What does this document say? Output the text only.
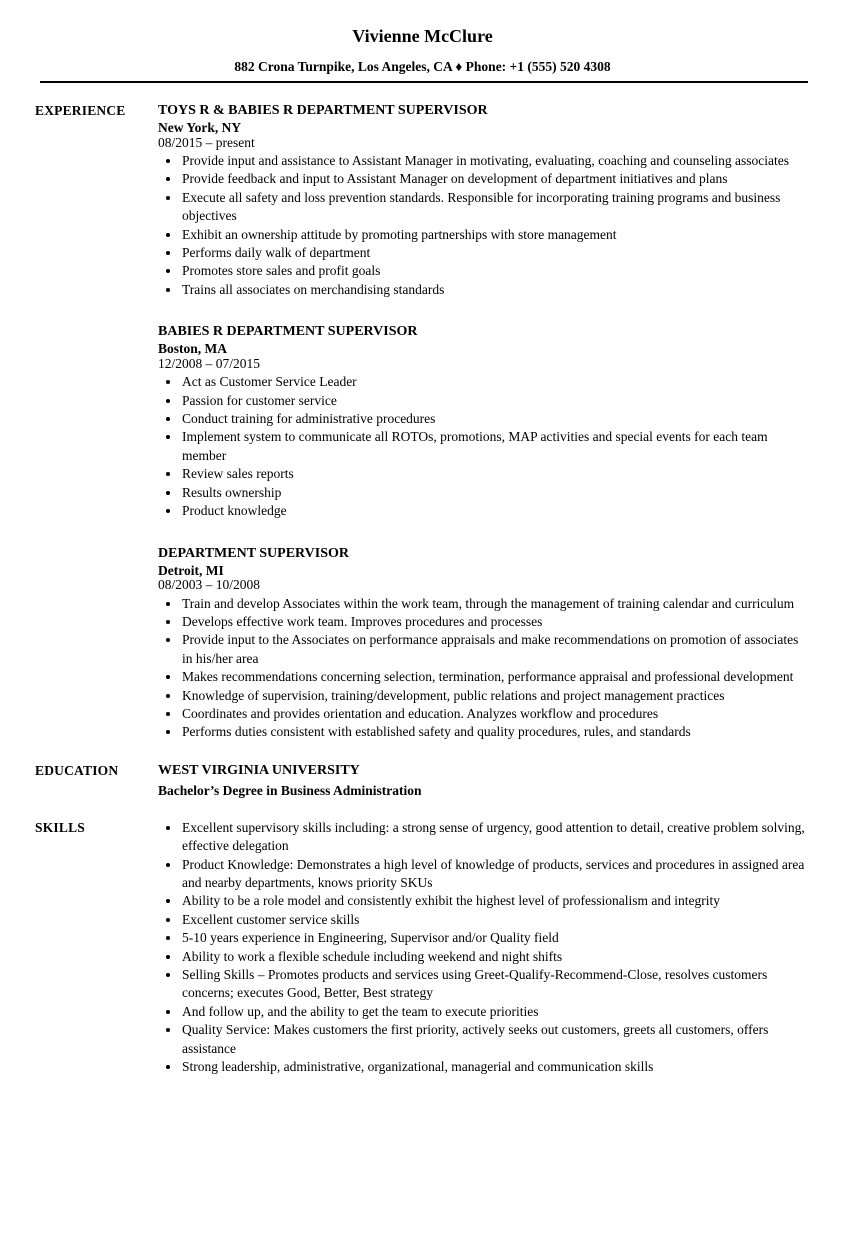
Vivienne McClure
882 Crona Turnpike, Los Angeles, CA ♦ Phone: +1 (555) 520 4308
EXPERIENCE	TOYS R & BABIES R DEPARTMENT SUPERVISOR
New York, NY
08/2015 – present
• Provide input and assistance to Assistant Manager in motivating, evaluating, coaching and counseling associates
• Provide feedback and input to Assistant Manager on development of department initiatives and plans
• Execute all safety and loss prevention standards. Responsible for incorporating training programs and business objectives
• Exhibit an ownership attitude by promoting partnerships with store management
• Performs daily walk of department
• Promotes store sales and profit goals
• Trains all associates on merchandising standards
BABIES R DEPARTMENT SUPERVISOR
Boston, MA
12/2008 – 07/2015
• Act as Customer Service Leader
• Passion for customer service
• Conduct training for administrative procedures
• Implement system to communicate all ROTOs, promotions, MAP activities and special events for each team member
• Review sales reports
• Results ownership
• Product knowledge
DEPARTMENT SUPERVISOR
Detroit, MI
08/2003 – 10/2008
• Train and develop Associates within the work team, through the management of training calendar and curriculum
• Develops effective work team. Improves procedures and processes
• Provide input to the Associates on performance appraisals and make recommendations on promotion of associates in his/her area
• Makes recommendations concerning selection, termination, performance appraisal and professional development
• Knowledge of supervision, training/development, public relations and project management practices
• Coordinates and provides orientation and education. Analyzes workflow and procedures
• Performs duties consistent with established safety and quality procedures, rules, and standards
EDUCATION	WEST VIRGINIA UNIVERSITY
Bachelor’s Degree in Business Administration
SKILLS	• Excellent supervisory skills including: a strong sense of urgency, good attention to detail, creative problem solving, effective delegation
• Product Knowledge: Demonstrates a high level of knowledge of products, services and procedures in assigned area and nearby departments, knows priority SKUs
• Ability to be a role model and consistently exhibit the highest level of professionalism and integrity
• Excellent customer service skills
• 5-10 years experience in Engineering, Supervisor and/or Quality field
• Ability to work a flexible schedule including weekend and night shifts
• Selling Skills – Promotes products and services using Greet-Qualify-Recommend-Close, resolves customers concerns; executes Good, Better, Best strategy
• And follow up, and the ability to get the team to execute priorities
• Quality Service: Makes customers the first priority, actively seeks out customers, greets all customers, offers assistance
• Strong leadership, administrative, organizational, managerial and communication skills
